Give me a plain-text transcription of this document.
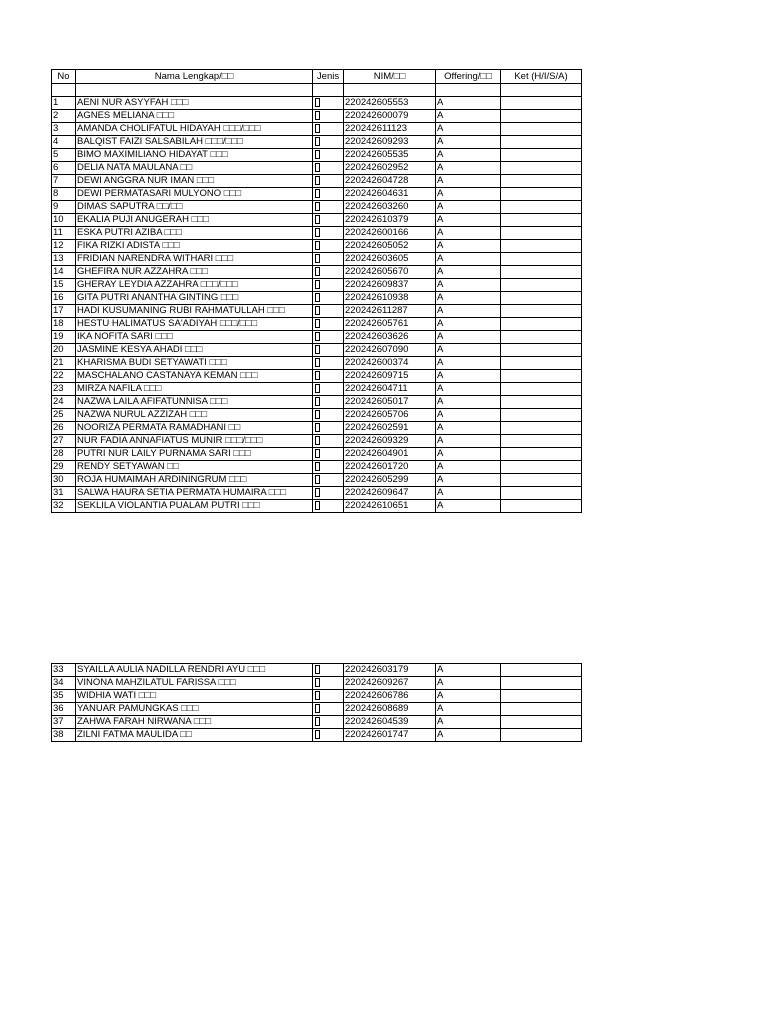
No	Nama Lengkap/□□	Jenis	NIM/□□	Offering/□□	Ket (H/I/S/A)

1	AENI NUR ASYYFAH □□□		220242605553	A	
2	AGNES MELIANA □□□		220242600079	A	
3	AMANDA CHOLIFATUL HIDAYAH □□□/□□□		220242611123	A	
4	BALQIST FAIZI SALSABILAH □□□/□□□		220242609293	A	
5	BIMO MAXIMILIANO HIDAYAT □□□		220242605535	A	
6	DELIA NATA MAULANA □□		220242602952	A	
7	DEWI ANGGRA NUR IMAN □□□		220242604728	A	
8	DEWI PERMATASARI MULYONO □□□		220242604631	A	
9	DIMAS SAPUTRA □□/□□		220242603260	A	
10	EKALIA PUJI ANUGERAH □□□		220242610379	A	
11	ESKA PUTRI AZIBA □□□		220242600166	A	
12	FIKA RIZKI ADISTA □□□		220242605052	A	
13	FRIDIAN NARENDRA WITHARI □□□		220242603605	A	
14	GHEFIRA NUR AZZAHRA □□□		220242605670	A	
15	GHERAY LEYDIA AZZAHRA □□□/□□□		220242609837	A	
16	GITA PUTRI ANANTHA GINTING □□□		220242610938	A	
17	HADI KUSUMANING RUBI RAHMATULLAH □□□		220242611287	A	
18	HESTU HALIMATUS SA'ADIYAH □□□/□□□		220242605761	A	
19	IKA NOFITA SARI □□□		220242603626	A	
20	JASMINE KESYA AHADI □□□		220242607090	A	
21	KHARISMA BUDI SETYAWATI □□□		220242600374	A	
22	MASCHALANO CASTANAYA KEMAN □□□		220242609715	A	
23	MIRZA NAFILA □□□		220242604711	A	
24	NAZWA LAILA AFIFATUNNISA □□□		220242605017	A	
25	NAZWA NURUL AZZIZAH □□□		220242605706	A	
26	NOORIZA PERMATA RAMADHANI □□		220242602591	A	
27	NUR FADIA ANNAFIATUS MUNIR □□□/□□□		220242609329	A	
28	PUTRI NUR LAILY PURNAMA SARI □□□		220242604901	A	
29	RENDY SETYAWAN □□		220242601720	A	
30	ROJA HUMAIMAH ARDININGRUM □□□		220242605299	A	
31	SALWA HAURA SETIA PERMATA HUMAIRA □□□		220242609647	A	
32	SEKLILA VIOLANTIA PUALAM PUTRI □□□		220242610651	A	
33	SYAILLA AULIA NADILLA RENDRI AYU □□□		220242603179	A	
34	VINONA MAHZILATUL FARISSA □□□		220242609267	A	
35	WIDHIA WATI □□□		220242606786	A	
36	YANUAR PAMUNGKAS □□□		220242608689	A	
37	ZAHWA FARAH NIRWANA □□□		220242604539	A	
38	ZILNI FATMA MAULIDA □□		220242601747	A	
